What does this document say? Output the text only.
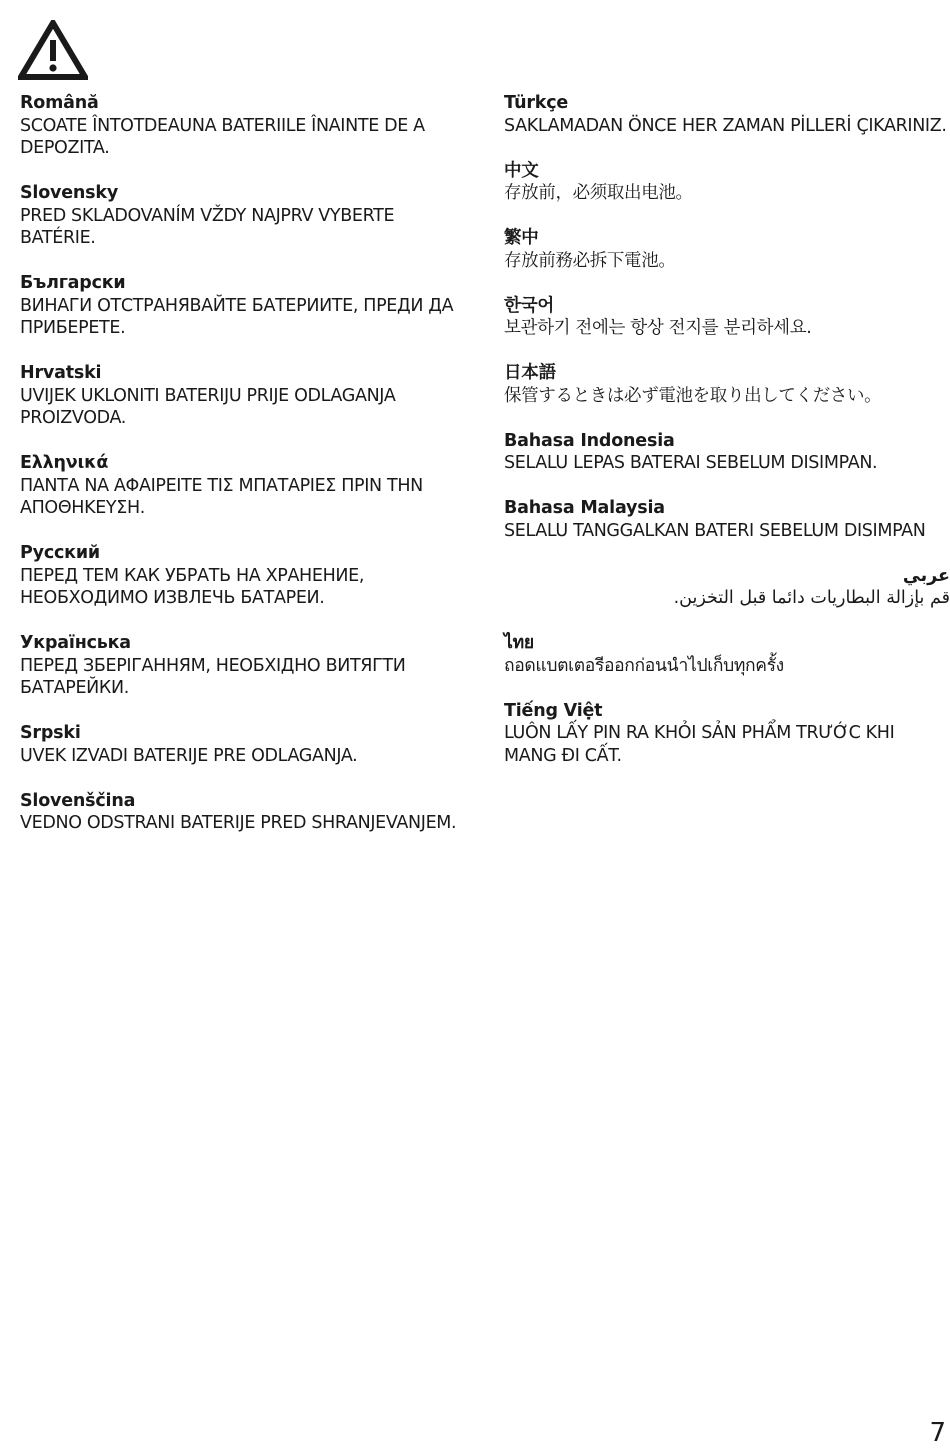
Română
SCOATE ÎNTOTDEAUNA BATERIILE ÎNAINTE DE A DEPOZITA.

Slovensky
PRED SKLADOVANÍM VŽDY NAJPRV VYBERTE BATÉRIE.

Български
ВИНАГИ ОТСТРАНЯВАЙТЕ БАТЕРИИТЕ, ПРЕДИ ДА ПРИБЕРЕТЕ.

Hrvatski
UVIJEK UKLONITI BATERIJU PRIJE ODLAGANJA PROIZVODA.

Ελληνικά
ΠΑΝΤΑ ΝΑ ΑΦΑΙΡΕΙΤΕ ΤΙΣ ΜΠΑΤΑΡΙΕΣ ΠΡΙΝ ΤΗΝ ΑΠΟΘΗΚΕΥΣΗ.

Русский
ПЕРЕД ТЕМ КАК УБРАТЬ НА ХРАНЕНИЕ, НЕОБХОДИМО ИЗВЛЕЧЬ БАТАРЕИ.

Українська
ПЕРЕД ЗБЕРІГАННЯМ, НЕОБХІДНО ВИТЯГТИ БАТАРЕЙКИ.

Srpski
UVEK IZVADI BATERIJE PRE ODLAGANJA.

Slovenščina
VEDNO ODSTRANI BATERIJE PRED SHRANJEVANJEM.

Türkçe
SAKLAMADAN ÖNCE HER ZAMAN PİLLERİ ÇIKARINIZ.

中文
存放前，必须取出电池。

繁中
存放前務必拆下電池。

한국어
보관하기 전에는 항상 전지를 분리하세요.

日本語
保管するときは必ず電池を取り出してください。

Bahasa Indonesia
SELALU LEPAS BATERAI SEBELUM DISIMPAN.

Bahasa Malaysia
SELALU TANGGALKAN BATERI SEBELUM DISIMPAN

عربي
قم بإزالة البطاريات دائما قبل التخزين.

ไทย
ถอดแบตเตอรีออกก่อนนำไปเก็บทุกครั้ง

Tiếng Việt
LUÔN LẤY PIN RA KHỎI SẢN PHẨM TRƯỚC KHI MANG ĐI CẤT.

7
